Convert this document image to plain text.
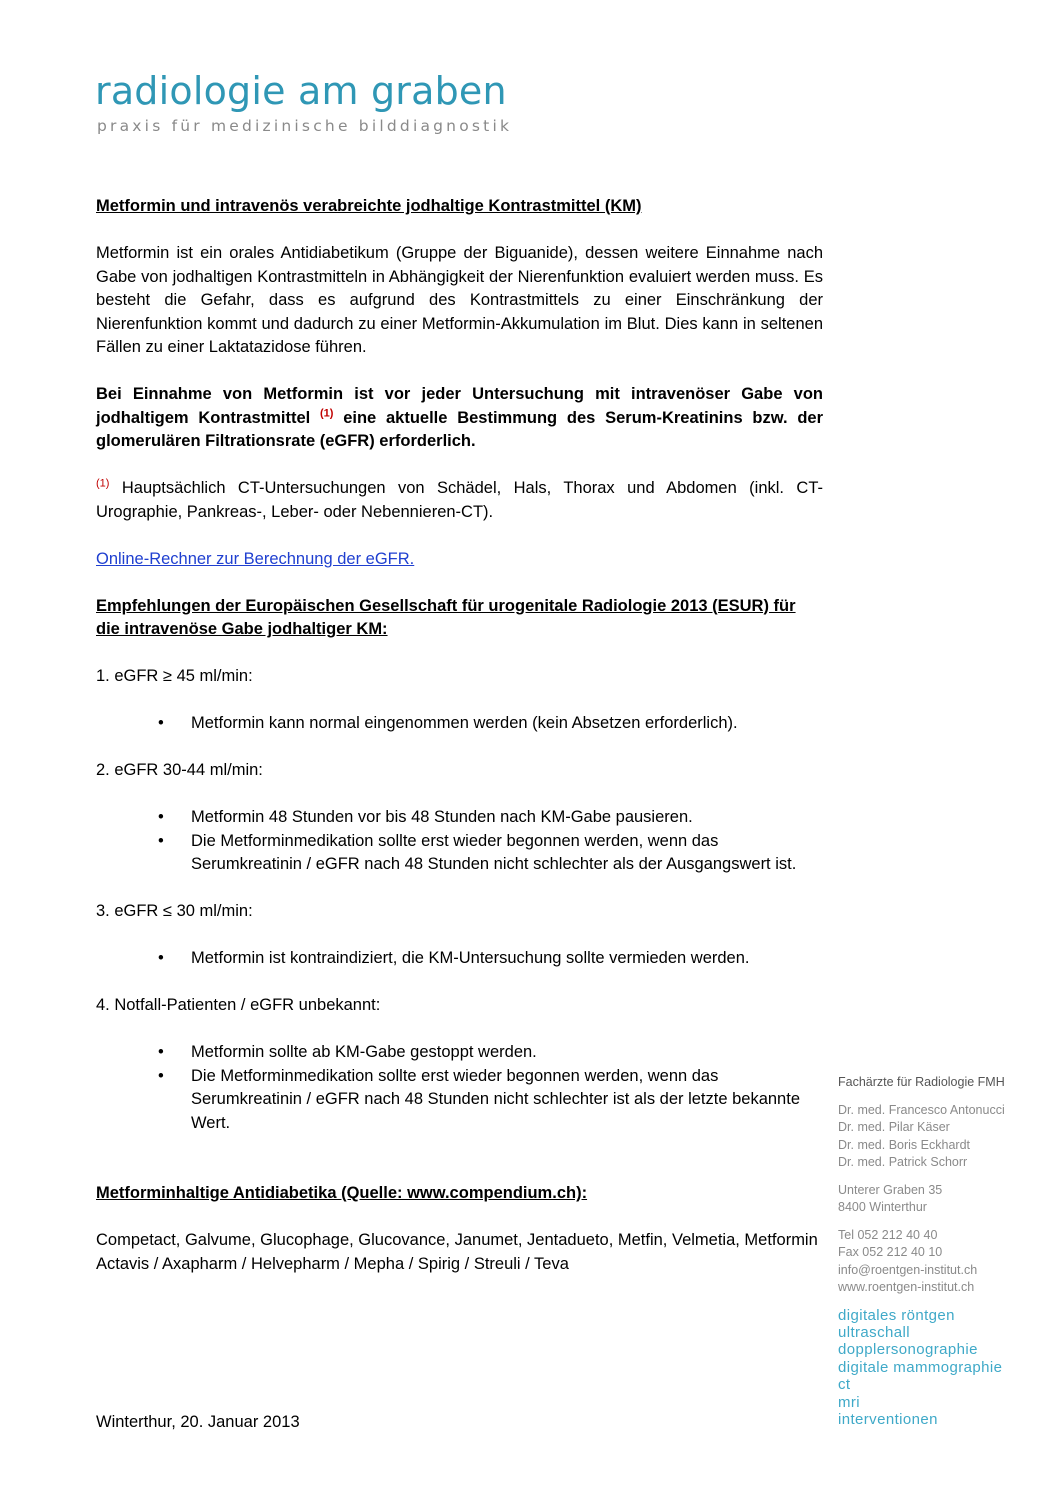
radiologie am graben
praxis für medizinische bilddiagnostik

Metformin und intravenös verabreichte jodhaltige Kontrastmittel (KM)

Metformin ist ein orales Antidiabetikum (Gruppe der Biguanide), dessen weitere Einnahme nach Gabe von jodhaltigen Kontrastmitteln in Abhängigkeit der Nierenfunktion evaluiert werden muss. Es besteht die Gefahr, dass es aufgrund des Kontrastmittels zu einer Einschränkung der Nierenfunktion kommt und dadurch zu einer Metformin-Akkumulation im Blut. Dies kann in seltenen Fällen zu einer Laktatazidose führen.

Bei Einnahme von Metformin ist vor jeder Untersuchung mit intravenöser Gabe von jodhaltigem Kontrastmittel $^{(1)}$ eine aktuelle Bestimmung des Serum-Kreatinins bzw. der glomerulären Filtrationsrate (eGFR) erforderlich.

$^{(1)}$ Hauptsächlich CT-Untersuchungen von Schädel, Hals, Thorax und Abdomen (inkl. CT-Urographie, Pankreas-, Leber- oder Nebennieren-CT).

Online-Rechner zur Berechnung der eGFR.

Empfehlungen der Europäischen Gesellschaft für urogenitale Radiologie 2013 (ESUR) für die intravenöse Gabe jodhaltiger KM:

1. eGFR ≥ 45 ml/min:

• Metformin kann normal eingenommen werden (kein Absetzen erforderlich).

2. eGFR 30-44 ml/min:

• Metformin 48 Stunden vor bis 48 Stunden nach KM-Gabe pausieren.
• Die Metforminmedikation sollte erst wieder begonnen werden, wenn das Serumkreatinin / eGFR nach 48 Stunden nicht schlechter als der Ausgangswert ist.

3. eGFR ≤ 30 ml/min:

• Metformin ist kontraindiziert, die KM-Untersuchung sollte vermieden werden.

4. Notfall-Patienten / eGFR unbekannt:

• Metformin sollte ab KM-Gabe gestoppt werden.
• Die Metforminmedikation sollte erst wieder begonnen werden, wenn das Serumkreatinin / eGFR nach 48 Stunden nicht schlechter ist als der letzte bekannte Wert.

Metforminhaltige Antidiabetika (Quelle: www.compendium.ch):

Competact, Galvume, Glucophage, Glucovance, Janumet, Jentadueto, Metfin, Velmetia, Metformin Actavis / Axapharm / Helvepharm / Mepha / Spirig / Streuli / Teva

Winterthur, 20. Januar 2013

Fachärzte für Radiologie FMH

Dr. med. Francesco Antonucci

Dr. med. Pilar Käser

Dr. med. Boris Eckhardt

Dr. med. Patrick Schorr

Unterer Graben 35

8400 Winterthur

Tel 052 212 40 40

Fax 052 212 40 10

info@roentgen-institut.ch

www.roentgen-institut.ch

digitales röntgen

ultraschall

dopplersonographie

digitale mammographie

ct

mri

interventionen
